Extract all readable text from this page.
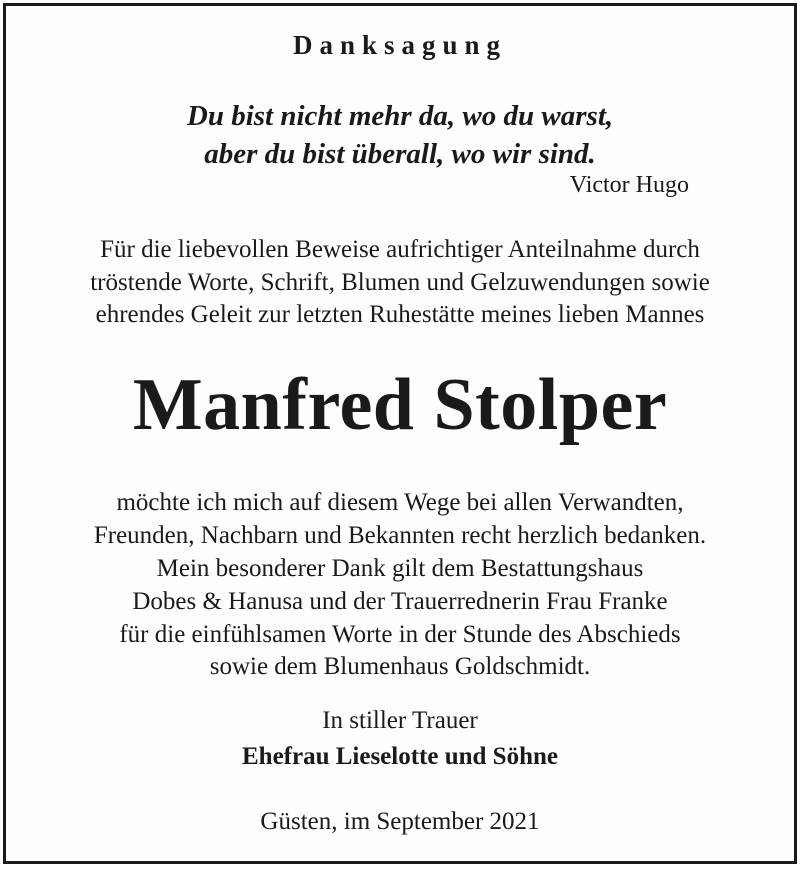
Danksagung

Du bist nicht mehr da, wo du warst,

aber du bist überall, wo wir sind.

Victor Hugo

Für die liebevollen Beweise aufrichtiger Anteilnahme durch

tröstende Worte, Schrift, Blumen und Gelzuwendungen sowie

ehrendes Geleit zur letzten Ruhestätte meines lieben Mannes

Manfred Stolper

möchte ich mich auf diesem Wege bei allen Verwandten,

Freunden, Nachbarn und Bekannten recht herzlich bedanken.

Mein besonderer Dank gilt dem Bestattungshaus

Dobes & Hanusa und der Trauerrednerin Frau Franke

für die einfühlsamen Worte in der Stunde des Abschieds

sowie dem Blumenhaus Goldschmidt.

In stiller Trauer

Ehefrau Lieselotte und Söhne

Güsten, im September 2021
